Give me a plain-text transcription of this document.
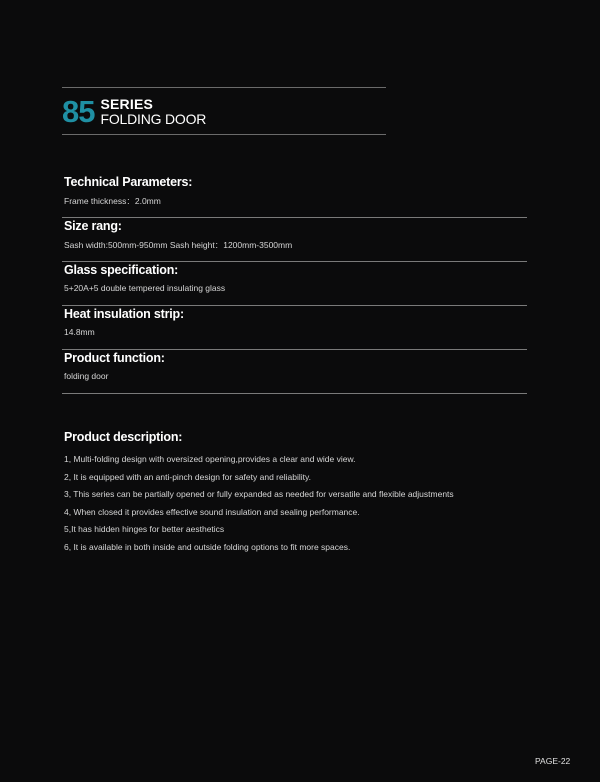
85 SERIES
FOLDING DOOR
Technical Parameters:
Frame thickness：2.0mm
Size rang:
Sash width:500mm-950mm Sash height：1200mm-3500mm
Glass specification:
5+20A+5 double tempered insulating glass
Heat insulation strip:
14.8mm
Product function:
folding door
Product description:
1, Multi-folding design with oversized opening,provides a clear and wide view.
2, It is equipped with an anti-pinch design for safety and reliability.
3, This series can be partially opened or fully expanded as needed for versatile and flexible adjustments
4, When closed it provides effective sound insulation and sealing performance.
5,It has hidden hinges for better aesthetics
6, It is available in both inside and outside folding options to fit more spaces.
PAGE-22
